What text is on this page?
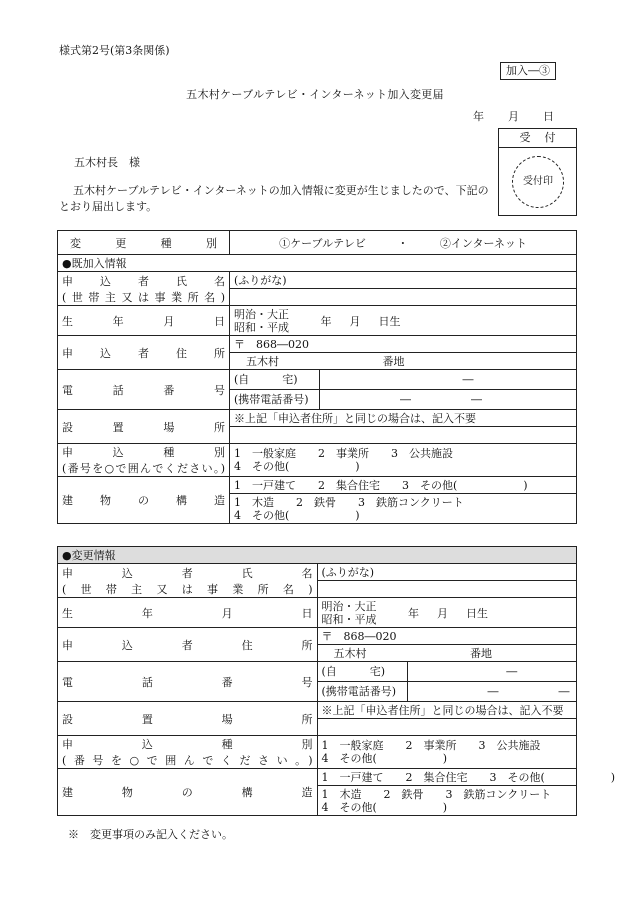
様式第2号(第3条関係)
加入―③
五木村ケーブルテレビ・インターネット加入変更届
年 月 日
受付
受付印
五木村長　様
五木村ケーブルテレビ・インターネットの加入情報に変更が生じましたので、下記のとおり届出します。
変更種別	①ケーブルテレビ ・ ②インターネット
●既加入情報	

申込者氏名
(世帯主又は事業所名)	(ふりがな)

生年月日	明治・大正
昭和・平成 年 月 日生
申込者住所	〒　868―020
	五木村 番地
電話番号	(自　　　宅) ―

	(携帯電話番号) ― ―

設置場所	※上記「申込者住所」と同じの場合は、記入不要

申込種別
(番号を○で囲んでください。)	1　一般家庭　　2　事業所　　3　公共施設
4　その他(　　　　　　)

建物の構造	1　一戸建て　　2　集合住宅　　3　その他(　　　　　　)

	1　木造　　2　鉄骨　　3　鉄筋コンクリート
4　その他(　　　　　　)
●変更情報	

申込者氏名
(世帯主又は事業所名)	(ふりがな)

生年月日	明治・大正
昭和・平成 年 月 日生
申込者住所	〒　868―020
	五木村 番地
電話番号	(自　　　宅) ―

	(携帯電話番号) ― ―

設置場所	※上記「申込者住所」と同じの場合は、記入不要

申込種別
(番号を○で囲んでください。)	1　一般家庭　　2　事業所　　3　公共施設
4　その他(　　　　　　)

建物の構造	1　一戸建て　　2　集合住宅　　3　その他(　　　　　　)

	1　木造　　2　鉄骨　　3　鉄筋コンクリート
4　その他(　　　　　　)
※　変更事項のみ記入ください。
